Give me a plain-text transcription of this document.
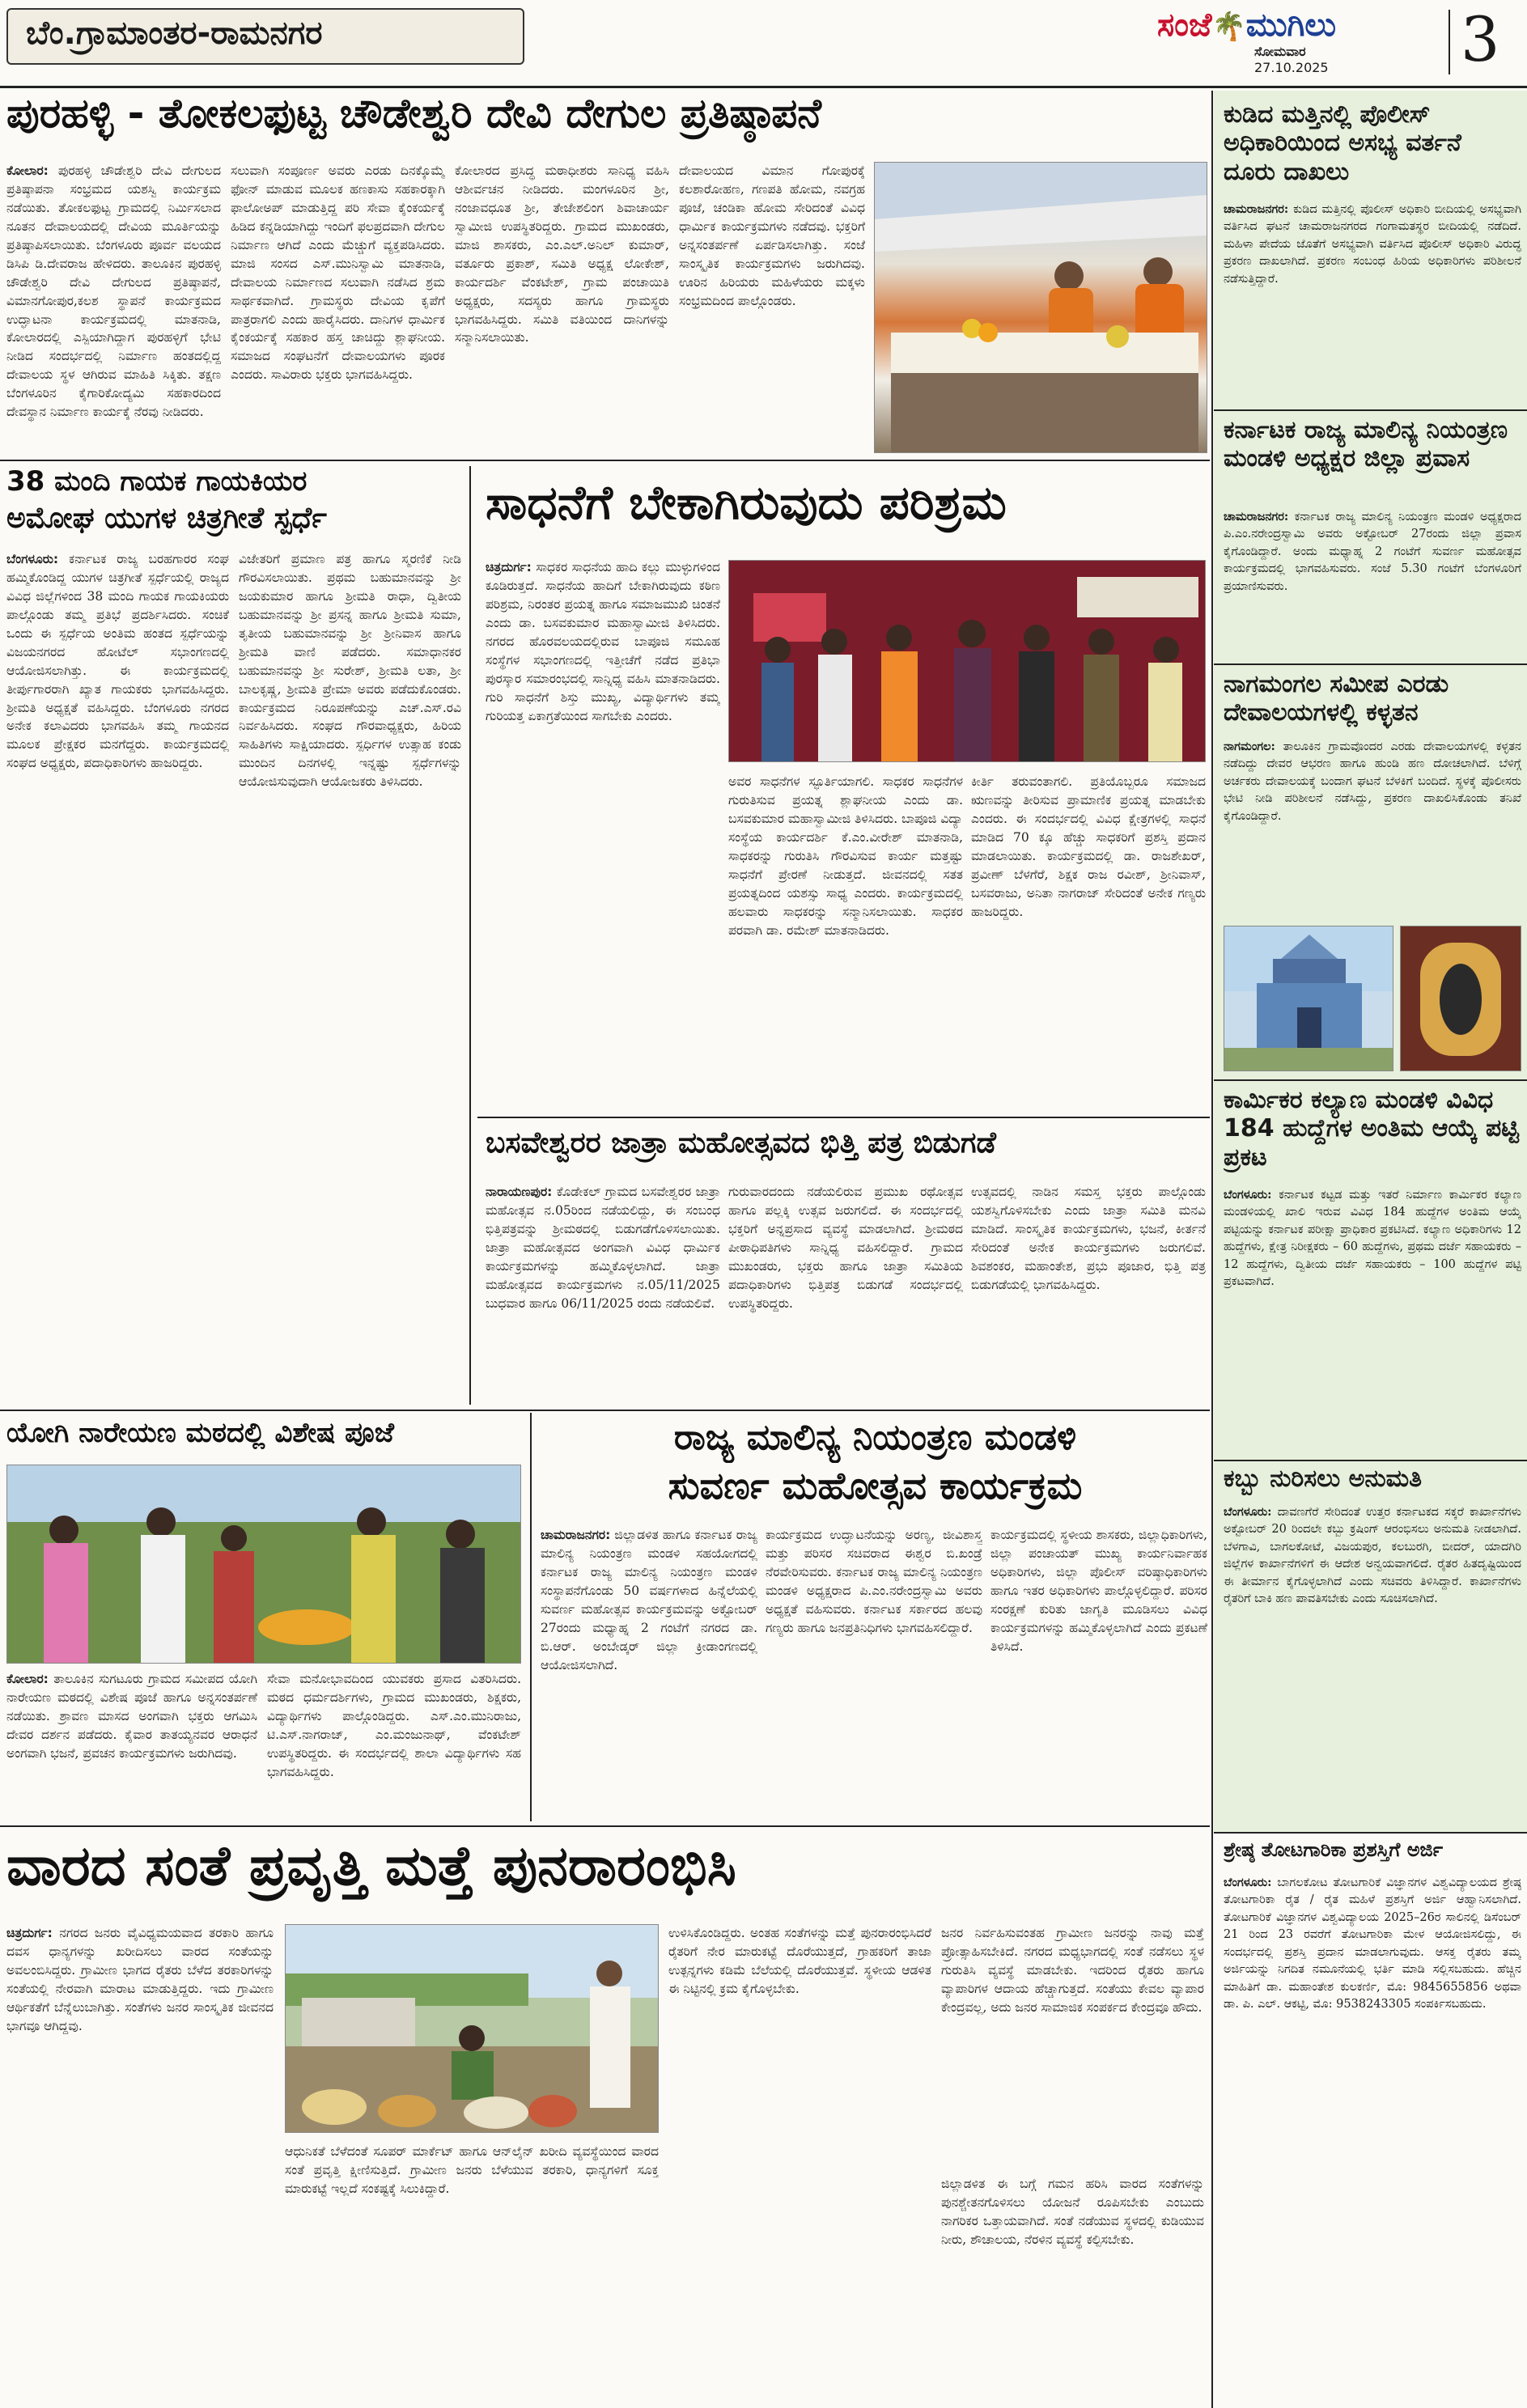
ಬೆಂ.ಗ್ರಾಮಾಂತರ-ರಾಮನಗರ	ಸಂಜೆ🌴ಮುಗಿಲು
ಸೋಮವಾರ
27.10.2025	3
ಪುರಹಳ್ಳಿ - ತೋಕಲಫುಟ್ಟ ಚೌಡೇಶ್ವರಿ ದೇವಿ ದೇಗುಲ ಪ್ರತಿಷ್ಠಾಪನೆ
ಕೋಲಾರ: ಪುರಹಳ್ಳಿ ಚೌಡೇಶ್ವರಿ ದೇವಿ ದೇಗುಲದ ಪ್ರತಿಷ್ಠಾಪನಾ ಸಂಭ್ರಮದ ಯಶಸ್ವಿ ಕಾರ್ಯಕ್ರಮ ನಡೆಯಿತು. ತೋಕಲಫುಟ್ಟ ಗ್ರಾಮದಲ್ಲಿ ನಿರ್ಮಿಸಲಾದ ನೂತನ ದೇವಾಲಯದಲ್ಲಿ ದೇವಿಯ ಮೂರ್ತಿಯನ್ನು ಪ್ರತಿಷ್ಠಾಪಿಸಲಾಯಿತು. ಬೆಂಗಳೂರು ಪೂರ್ವ ವಲಯದ ಡಿಸಿಪಿ ಡಿ.ದೇವರಾಜ ಹೇಳಿದರು. ತಾಲೂಕಿನ ಪುರಹಳ್ಳಿ ಚೌಡೇಶ್ವರಿ ದೇವಿ ದೇಗುಲದ ಪ್ರತಿಷ್ಠಾಪನೆ, ವಿಮಾನಗೋಪುರ,ಕಲಶ ಸ್ಥಾಪನೆ ಕಾರ್ಯಕ್ರಮದ ಉದ್ಘಾಟನಾ ಕಾರ್ಯಕ್ರಮದಲ್ಲಿ ಮಾತನಾಡಿ, ಕೋಲಾರದಲ್ಲಿ ಎಸ್ಪಿಯಾಗಿದ್ದಾಗ ಪುರಹಳ್ಳಿಗೆ ಭೇಟಿ ನೀಡಿದ ಸಂದರ್ಭದಲ್ಲಿ ನಿರ್ಮಾಣ ಹಂತದಲ್ಲಿದ್ದ ದೇವಾಲಯ ಸ್ಥಳ ಆಗಿರುವ ಮಾಹಿತಿ ಸಿಕ್ಕಿತು. ತಕ್ಷಣ ಬೆಂಗಳೂರಿನ ಕೈಗಾರಿಕೋದ್ಯಮಿ ಸಹಕಾರದಿಂದ ದೇವಸ್ಥಾನ ನಿರ್ಮಾಣ ಕಾರ್ಯಕ್ಕೆ ನೆರವು ನೀಡಿದರು.
ಸಲುವಾಗಿ ಸಂಪೂರ್ಣ ಅವರು ಎರಡು ದಿನಕ್ಕೊಮ್ಮೆ ಫೋನ್ ಮಾಡುವ ಮೂಲಕ ಹಣಕಾಸು ಸಹಕಾರಕ್ಕಾಗಿ ಫಾಲೋಅಪ್ ಮಾಡುತ್ತಿದ್ದ ಪರಿ ಸೇವಾ ಕೈಂಕರ್ಯಕ್ಕೆ ಹಿಡಿದ ಕನ್ನಡಿಯಾಗಿದ್ದು ಇಂದಿಗೆ ಫಲಪ್ರದವಾಗಿ ದೇಗುಲ ನಿರ್ಮಾಣ ಆಗಿದೆ ಎಂದು ಮೆಚ್ಚುಗೆ ವ್ಯಕ್ತಪಡಿಸಿದರು. ಮಾಜಿ ಸಂಸದ ಎಸ್.ಮುನಿಸ್ವಾಮಿ ಮಾತನಾಡಿ, ದೇವಾಲಯ ನಿರ್ಮಾಣದ ಸಲುವಾಗಿ ನಡೆಸಿದ ಶ್ರಮ ಸಾರ್ಥಕವಾಗಿದೆ. ಗ್ರಾಮಸ್ಥರು ದೇವಿಯ ಕೃಪೆಗೆ ಪಾತ್ರರಾಗಲಿ ಎಂದು ಹಾರೈಸಿದರು. ದಾನಿಗಳ ಧಾರ್ಮಿಕ ಕೈಂಕರ್ಯಕ್ಕೆ ಸಹಕಾರ ಹಸ್ತ ಚಾಚಿದ್ದು ಶ್ಲಾಘನೀಯ. ಸಮಾಜದ ಸಂಘಟನೆಗೆ ದೇವಾಲಯಗಳು ಪೂರಕ ಎಂದರು. ಸಾವಿರಾರು ಭಕ್ತರು ಭಾಗವಹಿಸಿದ್ದರು.
ಕೋಲಾರದ ಪ್ರಸಿದ್ಧ ಮಠಾಧೀಶರು ಸಾನಿಧ್ಯ ವಹಿಸಿ ಆಶೀರ್ವಚನ ನೀಡಿದರು. ಮಂಗಳೂರಿನ ಶ್ರೀ, ನಂಜಾವಧೂತ ಶ್ರೀ, ತೇಜೇಶಲಿಂಗ ಶಿವಾಚಾರ್ಯ ಸ್ವಾಮೀಜಿ ಉಪಸ್ಥಿತರಿದ್ದರು. ಗ್ರಾಮದ ಮುಖಂಡರು, ಮಾಜಿ ಶಾಸಕರು, ಎಂ.ಎಲ್.ಅನಿಲ್ ಕುಮಾರ್, ವರ್ತೂರು ಪ್ರಕಾಶ್, ಸಮಿತಿ ಅಧ್ಯಕ್ಷ ಲೋಕೇಶ್, ಕಾರ್ಯದರ್ಶಿ ವೆಂಕಟೇಶ್, ಗ್ರಾಮ ಪಂಚಾಯಿತಿ ಅಧ್ಯಕ್ಷರು, ಸದಸ್ಯರು ಹಾಗೂ ಗ್ರಾಮಸ್ಥರು ಭಾಗವಹಿಸಿದ್ದರು. ಸಮಿತಿ ವತಿಯಿಂದ ದಾನಿಗಳನ್ನು ಸನ್ಮಾನಿಸಲಾಯಿತು.
ದೇವಾಲಯದ ವಿಮಾನ ಗೋಪುರಕ್ಕೆ ಕಲಶಾರೋಹಣ, ಗಣಪತಿ ಹೋಮ, ನವಗ್ರಹ ಪೂಜೆ, ಚಂಡಿಕಾ ಹೋಮ ಸೇರಿದಂತೆ ವಿವಿಧ ಧಾರ್ಮಿಕ ಕಾರ್ಯಕ್ರಮಗಳು ನಡೆದವು. ಭಕ್ತರಿಗೆ ಅನ್ನಸಂತರ್ಪಣೆ ಏರ್ಪಡಿಸಲಾಗಿತ್ತು. ಸಂಜೆ ಸಾಂಸ್ಕೃತಿಕ ಕಾರ್ಯಕ್ರಮಗಳು ಜರುಗಿದವು. ಊರಿನ ಹಿರಿಯರು ಮಹಿಳೆಯರು ಮಕ್ಕಳು ಸಂಭ್ರಮದಿಂದ ಪಾಲ್ಗೊಂಡರು.
38 ಮಂದಿ ಗಾಯಕ ಗಾಯಕಿಯರ
ಅಮೋಘ ಯುಗಳ ಚಿತ್ರಗೀತೆ ಸ್ಪರ್ಧೆ
ಬೆಂಗಳೂರು: ಕರ್ನಾಟಕ ರಾಜ್ಯ ಬರಹಗಾರರ ಸಂಘ ಹಮ್ಮಿಕೊಂಡಿದ್ದ ಯುಗಳ ಚಿತ್ರಗೀತೆ ಸ್ಪರ್ಧೆಯಲ್ಲಿ ರಾಜ್ಯದ ವಿವಿಧ ಜಿಲ್ಲೆಗಳಿಂದ 38 ಮಂದಿ ಗಾಯಕ ಗಾಯಕಿಯರು ಪಾಲ್ಗೊಂಡು ತಮ್ಮ ಪ್ರತಿಭೆ ಪ್ರದರ್ಶಿಸಿದರು. ಸಂಚಿಕೆ ಒಂದು ಈ ಸ್ಪರ್ಧೆಯ ಅಂತಿಮ ಹಂತದ ಸ್ಪರ್ಧೆಯನ್ನು ವಿಜಯನಗರದ ಹೋಟೆಲ್ ಸಭಾಂಗಣದಲ್ಲಿ ಆಯೋಜಿಸಲಾಗಿತ್ತು. ಈ ಕಾರ್ಯಕ್ರಮದಲ್ಲಿ ತೀರ್ಪುಗಾರರಾಗಿ ಖ್ಯಾತ ಗಾಯಕರು ಭಾಗವಹಿಸಿದ್ದರು. ಶ್ರೀಮತಿ ಅಧ್ಯಕ್ಷತೆ ವಹಿಸಿದ್ದರು. ಬೆಂಗಳೂರು ನಗರದ ಅನೇಕ ಕಲಾವಿದರು ಭಾಗವಹಿಸಿ ತಮ್ಮ ಗಾಯನದ ಮೂಲಕ ಪ್ರೇಕ್ಷಕರ ಮನಗೆದ್ದರು. ಕಾರ್ಯಕ್ರಮದಲ್ಲಿ ಸಂಘದ ಅಧ್ಯಕ್ಷರು, ಪದಾಧಿಕಾರಿಗಳು ಹಾಜರಿದ್ದರು.
ವಿಜೇತರಿಗೆ ಪ್ರಮಾಣ ಪತ್ರ ಹಾಗೂ ಸ್ಮರಣಿಕೆ ನೀಡಿ ಗೌರವಿಸಲಾಯಿತು. ಪ್ರಥಮ ಬಹುಮಾನವನ್ನು ಶ್ರೀ ಜಯಕುಮಾರ ಹಾಗೂ ಶ್ರೀಮತಿ ರಾಧಾ, ದ್ವಿತೀಯ ಬಹುಮಾನವನ್ನು ಶ್ರೀ ಪ್ರಸನ್ನ ಹಾಗೂ ಶ್ರೀಮತಿ ಸುಮಾ, ತೃತೀಯ ಬಹುಮಾನವನ್ನು ಶ್ರೀ ಶ್ರೀನಿವಾಸ ಹಾಗೂ ಶ್ರೀಮತಿ ವಾಣಿ ಪಡೆದರು. ಸಮಾಧಾನಕರ ಬಹುಮಾನವನ್ನು ಶ್ರೀ ಸುರೇಶ್, ಶ್ರೀಮತಿ ಲತಾ, ಶ್ರೀ ಬಾಲಕೃಷ್ಣ, ಶ್ರೀಮತಿ ಪ್ರೇಮಾ ಅವರು ಪಡೆದುಕೊಂಡರು. ಕಾರ್ಯಕ್ರಮದ ನಿರೂಪಣೆಯನ್ನು ಎಚ್.ಎಸ್.ರವಿ ನಿರ್ವಹಿಸಿದರು. ಸಂಘದ ಗೌರವಾಧ್ಯಕ್ಷರು, ಹಿರಿಯ ಸಾಹಿತಿಗಳು ಸಾಕ್ಷಿಯಾದರು. ಸ್ಪರ್ಧಿಗಳ ಉತ್ಸಾಹ ಕಂಡು ಮುಂದಿನ ದಿನಗಳಲ್ಲಿ ಇನ್ನಷ್ಟು ಸ್ಪರ್ಧೆಗಳನ್ನು ಆಯೋಜಿಸುವುದಾಗಿ ಆಯೋಜಕರು ತಿಳಿಸಿದರು.
ಸಾಧನೆಗೆ ಬೇಕಾಗಿರುವುದು ಪರಿಶ್ರಮ
ಚಿತ್ರದುರ್ಗ: ಸಾಧಕರ ಸಾಧನೆಯ ಹಾದಿ ಕಲ್ಲು ಮುಳ್ಳುಗಳಿಂದ ಕೂಡಿರುತ್ತದೆ. ಸಾಧನೆಯ ಹಾದಿಗೆ ಬೇಕಾಗಿರುವುದು ಕಠಿಣ ಪರಿಶ್ರಮ, ನಿರಂತರ ಪ್ರಯತ್ನ ಹಾಗೂ ಸಮಾಜಮುಖಿ ಚಿಂತನೆ ಎಂದು ಡಾ. ಬಸವಕುಮಾರ ಮಹಾಸ್ವಾಮೀಜಿ ತಿಳಿಸಿದರು. ನಗರದ ಹೊರವಲಯದಲ್ಲಿರುವ ಬಾಪೂಜಿ ಸಮೂಹ ಸಂಸ್ಥೆಗಳ ಸಭಾಂಗಣದಲ್ಲಿ ಇತ್ತೀಚೆಗೆ ನಡೆದ ಪ್ರತಿಭಾ ಪುರಸ್ಕಾರ ಸಮಾರಂಭದಲ್ಲಿ ಸಾನ್ನಿಧ್ಯ ವಹಿಸಿ ಮಾತನಾಡಿದರು. ಗುರಿ ಸಾಧನೆಗೆ ಶಿಸ್ತು ಮುಖ್ಯ, ವಿದ್ಯಾರ್ಥಿಗಳು ತಮ್ಮ ಗುರಿಯತ್ತ ಏಕಾಗ್ರತೆಯಿಂದ ಸಾಗಬೇಕು ಎಂದರು.
ಅವರ ಸಾಧನೆಗಳ ಸ್ಫೂರ್ತಿಯಾಗಲಿ. ಸಾಧಕರ ಸಾಧನೆಗಳ ಗುರುತಿಸುವ ಪ್ರಯತ್ನ ಶ್ಲಾಘನೀಯ ಎಂದು ಡಾ. ಬಸವಕುಮಾರ ಮಹಾಸ್ವಾಮೀಜಿ ತಿಳಿಸಿದರು. ಬಾಪೂಜಿ ವಿದ್ಯಾ ಸಂಸ್ಥೆಯ ಕಾರ್ಯದರ್ಶಿ ಕೆ.ಎಂ.ವೀರೇಶ್ ಮಾತನಾಡಿ, ಸಾಧಕರನ್ನು ಗುರುತಿಸಿ ಗೌರವಿಸುವ ಕಾರ್ಯ ಮತ್ತಷ್ಟು ಸಾಧನೆಗೆ ಪ್ರೇರಣೆ ನೀಡುತ್ತದೆ. ಜೀವನದಲ್ಲಿ ಸತತ ಪ್ರಯತ್ನದಿಂದ ಯಶಸ್ಸು ಸಾಧ್ಯ ಎಂದರು. ಕಾರ್ಯಕ್ರಮದಲ್ಲಿ ಹಲವಾರು ಸಾಧಕರನ್ನು ಸನ್ಮಾನಿಸಲಾಯಿತು. ಸಾಧಕರ ಪರವಾಗಿ ಡಾ. ರಮೇಶ್ ಮಾತನಾಡಿದರು.
ಕೀರ್ತಿ ತರುವಂತಾಗಲಿ. ಪ್ರತಿಯೊಬ್ಬರೂ ಸಮಾಜದ ಋಣವನ್ನು ತೀರಿಸುವ ಪ್ರಾಮಾಣಿಕ ಪ್ರಯತ್ನ ಮಾಡಬೇಕು ಎಂದರು. ಈ ಸಂದರ್ಭದಲ್ಲಿ ವಿವಿಧ ಕ್ಷೇತ್ರಗಳಲ್ಲಿ ಸಾಧನೆ ಮಾಡಿದ 70 ಕ್ಕೂ ಹೆಚ್ಚು ಸಾಧಕರಿಗೆ ಪ್ರಶಸ್ತಿ ಪ್ರದಾನ ಮಾಡಲಾಯಿತು. ಕಾರ್ಯಕ್ರಮದಲ್ಲಿ ಡಾ. ರಾಜಶೇಖರ್, ಪ್ರವೀಣ್ ಬೆಳಗೆರೆ, ಶಿಕ್ಷಕ ರಾಜ ರವೀಶ್, ಶ್ರೀನಿವಾಸ್, ಬಸವರಾಜು, ಅನಿತಾ ನಾಗರಾಜ್ ಸೇರಿದಂತೆ ಅನೇಕ ಗಣ್ಯರು ಹಾಜರಿದ್ದರು.
ಬಸವೇಶ್ವರರ ಜಾತ್ರಾ ಮಹೋತ್ಸವದ ಭಿತ್ತಿ ಪತ್ರ ಬಿಡುಗಡೆ
ನಾರಾಯಣಪುರ: ಕೊಡೇಕಲ್ ಗ್ರಾಮದ ಬಸವೇಶ್ವರರ ಜಾತ್ರಾ ಮಹೋತ್ಸವ ನ.05ರಿಂದ ನಡೆಯಲಿದ್ದು, ಈ ಸಂಬಂಧ ಭಿತ್ತಿಪತ್ರವನ್ನು ಶ್ರೀಮಠದಲ್ಲಿ ಬಿಡುಗಡೆಗೊಳಿಸಲಾಯಿತು. ಜಾತ್ರಾ ಮಹೋತ್ಸವದ ಅಂಗವಾಗಿ ವಿವಿಧ ಧಾರ್ಮಿಕ ಕಾರ್ಯಕ್ರಮಗಳನ್ನು ಹಮ್ಮಿಕೊಳ್ಳಲಾಗಿದೆ. ಜಾತ್ರಾ ಮಹೋತ್ಸವದ ಕಾರ್ಯಕ್ರಮಗಳು ನ.05/11/2025 ಬುಧವಾರ ಹಾಗೂ 06/11/2025 ರಂದು ನಡೆಯಲಿವೆ.
ಗುರುವಾರದಂದು ನಡೆಯಲಿರುವ ಪ್ರಮುಖ ರಥೋತ್ಸವ ಹಾಗೂ ಪಲ್ಲಕ್ಕಿ ಉತ್ಸವ ಜರುಗಲಿದೆ. ಈ ಸಂದರ್ಭದಲ್ಲಿ ಭಕ್ತರಿಗೆ ಅನ್ನಪ್ರಸಾದ ವ್ಯವಸ್ಥೆ ಮಾಡಲಾಗಿದೆ. ಶ್ರೀಮಠದ ಪೀಠಾಧಿಪತಿಗಳು ಸಾನ್ನಿಧ್ಯ ವಹಿಸಲಿದ್ದಾರೆ. ಗ್ರಾಮದ ಮುಖಂಡರು, ಭಕ್ತರು ಹಾಗೂ ಜಾತ್ರಾ ಸಮಿತಿಯ ಪದಾಧಿಕಾರಿಗಳು ಭಿತ್ತಿಪತ್ರ ಬಿಡುಗಡೆ ಸಂದರ್ಭದಲ್ಲಿ ಉಪಸ್ಥಿತರಿದ್ದರು.
ಉತ್ಸವದಲ್ಲಿ ನಾಡಿನ ಸಮಸ್ತ ಭಕ್ತರು ಪಾಲ್ಗೊಂಡು ಯಶಸ್ವಿಗೊಳಿಸಬೇಕು ಎಂದು ಜಾತ್ರಾ ಸಮಿತಿ ಮನವಿ ಮಾಡಿದೆ. ಸಾಂಸ್ಕೃತಿಕ ಕಾರ್ಯಕ್ರಮಗಳು, ಭಜನೆ, ಕೀರ್ತನೆ ಸೇರಿದಂತೆ ಅನೇಕ ಕಾರ್ಯಕ್ರಮಗಳು ಜರುಗಲಿವೆ. ಶಿವಶಂಕರ, ಮಹಾಂತೇಶ, ಪ್ರಭು ಪೂಜಾರ, ಭಿತ್ತಿ ಪತ್ರ ಬಿಡುಗಡೆಯಲ್ಲಿ ಭಾಗವಹಿಸಿದ್ದರು.
ಯೋಗಿ ನಾರೇಯಣ ಮಠದಲ್ಲಿ ವಿಶೇಷ ಪೂಜೆ
ಕೋಲಾರ: ತಾಲೂಕಿನ ಸುಗಟೂರು ಗ್ರಾಮದ ಸಮೀಪದ ಯೋಗಿ ನಾರೇಯಣ ಮಠದಲ್ಲಿ ವಿಶೇಷ ಪೂಜೆ ಹಾಗೂ ಅನ್ನಸಂತರ್ಪಣೆ ನಡೆಯಿತು. ಶ್ರಾವಣ ಮಾಸದ ಅಂಗವಾಗಿ ಭಕ್ತರು ಆಗಮಿಸಿ ದೇವರ ದರ್ಶನ ಪಡೆದರು. ಕೈವಾರ ತಾತಯ್ಯನವರ ಆರಾಧನೆ ಅಂಗವಾಗಿ ಭಜನೆ, ಪ್ರವಚನ ಕಾರ್ಯಕ್ರಮಗಳು ಜರುಗಿದವು.
ಸೇವಾ ಮನೋಭಾವದಿಂದ ಯುವಕರು ಪ್ರಸಾದ ವಿತರಿಸಿದರು. ಮಠದ ಧರ್ಮದರ್ಶಿಗಳು, ಗ್ರಾಮದ ಮುಖಂಡರು, ಶಿಕ್ಷಕರು, ವಿದ್ಯಾರ್ಥಿಗಳು ಪಾಲ್ಗೊಂಡಿದ್ದರು. ಎಸ್.ಎಂ.ಮುನಿರಾಜು, ಟಿ.ಎಸ್.ನಾಗರಾಜ್, ಎಂ.ಮಂಜುನಾಥ್, ವೆಂಕಟೇಶ್ ಉಪಸ್ಥಿತರಿದ್ದರು. ಈ ಸಂದರ್ಭದಲ್ಲಿ ಶಾಲಾ ವಿದ್ಯಾರ್ಥಿಗಳು ಸಹ ಭಾಗವಹಿಸಿದ್ದರು.
ರಾಜ್ಯ ಮಾಲಿನ್ಯ ನಿಯಂತ್ರಣ ಮಂಡಳಿ
ಸುವರ್ಣ ಮಹೋತ್ಸವ ಕಾರ್ಯಕ್ರಮ
ಚಾಮರಾಜನಗರ: ಜಿಲ್ಲಾಡಳಿತ ಹಾಗೂ ಕರ್ನಾಟಕ ರಾಜ್ಯ ಮಾಲಿನ್ಯ ನಿಯಂತ್ರಣ ಮಂಡಳಿ ಸಹಯೋಗದಲ್ಲಿ ಕರ್ನಾಟಕ ರಾಜ್ಯ ಮಾಲಿನ್ಯ ನಿಯಂತ್ರಣ ಮಂಡಳಿ ಸಂಸ್ಥಾಪನೆಗೊಂಡು 50 ವರ್ಷಗಳಾದ ಹಿನ್ನೆಲೆಯಲ್ಲಿ ಸುವರ್ಣ ಮಹೋತ್ಸವ ಕಾರ್ಯಕ್ರಮವನ್ನು ಅಕ್ಟೋಬರ್ 27ರಂದು ಮಧ್ಯಾಹ್ನ 2 ಗಂಟೆಗೆ ನಗರದ ಡಾ. ಬಿ.ಆರ್. ಅಂಬೇಡ್ಕರ್ ಜಿಲ್ಲಾ ಕ್ರೀಡಾಂಗಣದಲ್ಲಿ ಆಯೋಜಿಸಲಾಗಿದೆ.
ಕಾರ್ಯಕ್ರಮದ ಉದ್ಘಾಟನೆಯನ್ನು ಅರಣ್ಯ, ಜೀವಿಶಾಸ್ತ್ರ ಮತ್ತು ಪರಿಸರ ಸಚಿವರಾದ ಈಶ್ವರ ಬಿ.ಖಂಡ್ರೆ ನೆರವೇರಿಸುವರು. ಕರ್ನಾಟಕ ರಾಜ್ಯ ಮಾಲಿನ್ಯ ನಿಯಂತ್ರಣ ಮಂಡಳಿ ಅಧ್ಯಕ್ಷರಾದ ಪಿ.ಎಂ.ನರೇಂದ್ರಸ್ವಾಮಿ ಅವರು ಅಧ್ಯಕ್ಷತೆ ವಹಿಸುವರು. ಕರ್ನಾಟಕ ಸರ್ಕಾರದ ಹಲವು ಗಣ್ಯರು ಹಾಗೂ ಜನಪ್ರತಿನಿಧಿಗಳು ಭಾಗವಹಿಸಲಿದ್ದಾರೆ.
ಕಾರ್ಯಕ್ರಮದಲ್ಲಿ ಸ್ಥಳೀಯ ಶಾಸಕರು, ಜಿಲ್ಲಾಧಿಕಾರಿಗಳು, ಜಿಲ್ಲಾ ಪಂಚಾಯತ್ ಮುಖ್ಯ ಕಾರ್ಯನಿರ್ವಾಹಕ ಅಧಿಕಾರಿಗಳು, ಜಿಲ್ಲಾ ಪೊಲೀಸ್ ವರಿಷ್ಠಾಧಿಕಾರಿಗಳು ಹಾಗೂ ಇತರ ಅಧಿಕಾರಿಗಳು ಪಾಲ್ಗೊಳ್ಳಲಿದ್ದಾರೆ. ಪರಿಸರ ಸಂರಕ್ಷಣೆ ಕುರಿತು ಜಾಗೃತಿ ಮೂಡಿಸಲು ವಿವಿಧ ಕಾರ್ಯಕ್ರಮಗಳನ್ನು ಹಮ್ಮಿಕೊಳ್ಳಲಾಗಿದೆ ಎಂದು ಪ್ರಕಟಣೆ ತಿಳಿಸಿದೆ.
ವಾರದ ಸಂತೆ ಪ್ರವೃತ್ತಿ ಮತ್ತೆ ಪುನರಾರಂಭಿಸಿ
ಚಿತ್ರದುರ್ಗ: ನಗರದ ಜನರು ವೈವಿಧ್ಯಮಯವಾದ ತರಕಾರಿ ಹಾಗೂ ದವಸ ಧಾನ್ಯಗಳನ್ನು ಖರೀದಿಸಲು ವಾರದ ಸಂತೆಯನ್ನು ಅವಲಂಬಿಸಿದ್ದರು. ಗ್ರಾಮೀಣ ಭಾಗದ ರೈತರು ಬೆಳೆದ ತರಕಾರಿಗಳನ್ನು ಸಂತೆಯಲ್ಲಿ ನೇರವಾಗಿ ಮಾರಾಟ ಮಾಡುತ್ತಿದ್ದರು. ಇದು ಗ್ರಾಮೀಣ ಆರ್ಥಿಕತೆಗೆ ಬೆನ್ನೆಲುಬಾಗಿತ್ತು. ಸಂತೆಗಳು ಜನರ ಸಾಂಸ್ಕೃತಿಕ ಜೀವನದ ಭಾಗವೂ ಆಗಿದ್ದವು.
ಆಧುನಿಕತೆ ಬೆಳೆದಂತೆ ಸೂಪರ್ ಮಾರ್ಕೆಟ್ ಹಾಗೂ ಆನ್‌ಲೈನ್ ಖರೀದಿ ವ್ಯವಸ್ಥೆಯಿಂದ ವಾರದ ಸಂತೆ ಪ್ರವೃತ್ತಿ ಕ್ಷೀಣಿಸುತ್ತಿದೆ. ಗ್ರಾಮೀಣ ಜನರು ಬೆಳೆಯುವ ತರಕಾರಿ, ಧಾನ್ಯಗಳಿಗೆ ಸೂಕ್ತ ಮಾರುಕಟ್ಟೆ ಇಲ್ಲದೆ ಸಂಕಷ್ಟಕ್ಕೆ ಸಿಲುಕಿದ್ದಾರೆ.
ಉಳಿಸಿಕೊಂಡಿದ್ದರು. ಅಂತಹ ಸಂತೆಗಳನ್ನು ಮತ್ತೆ ಪುನರಾರಂಭಿಸಿದರೆ ರೈತರಿಗೆ ನೇರ ಮಾರುಕಟ್ಟೆ ದೊರೆಯುತ್ತದೆ, ಗ್ರಾಹಕರಿಗೆ ತಾಜಾ ಉತ್ಪನ್ನಗಳು ಕಡಿಮೆ ಬೆಲೆಯಲ್ಲಿ ದೊರೆಯುತ್ತವೆ. ಸ್ಥಳೀಯ ಆಡಳಿತ ಈ ನಿಟ್ಟಿನಲ್ಲಿ ಕ್ರಮ ಕೈಗೊಳ್ಳಬೇಕು.
ಜನರ ನಿರ್ವಹಿಸುವಂತಹ ಗ್ರಾಮೀಣ ಜನರನ್ನು ನಾವು ಮತ್ತೆ ಪ್ರೋತ್ಸಾಹಿಸಬೇಕಿದೆ. ನಗರದ ಮಧ್ಯಭಾಗದಲ್ಲಿ ಸಂತೆ ನಡೆಸಲು ಸ್ಥಳ ಗುರುತಿಸಿ ವ್ಯವಸ್ಥೆ ಮಾಡಬೇಕು. ಇದರಿಂದ ರೈತರು ಹಾಗೂ ವ್ಯಾಪಾರಿಗಳ ಆದಾಯ ಹೆಚ್ಚಾಗುತ್ತದೆ. ಸಂತೆಯು ಕೇವಲ ವ್ಯಾಪಾರ ಕೇಂದ್ರವಲ್ಲ, ಅದು ಜನರ ಸಾಮಾಜಿಕ ಸಂಪರ್ಕದ ಕೇಂದ್ರವೂ ಹೌದು.
ಜಿಲ್ಲಾಡಳಿತ ಈ ಬಗ್ಗೆ ಗಮನ ಹರಿಸಿ ವಾರದ ಸಂತೆಗಳನ್ನು ಪುನಶ್ಚೇತನಗೊಳಿಸಲು ಯೋಜನೆ ರೂಪಿಸಬೇಕು ಎಂಬುದು ನಾಗರಿಕರ ಒತ್ತಾಯವಾಗಿದೆ. ಸಂತೆ ನಡೆಯುವ ಸ್ಥಳದಲ್ಲಿ ಕುಡಿಯುವ ನೀರು, ಶೌಚಾಲಯ, ನೆರಳಿನ ವ್ಯವಸ್ಥೆ ಕಲ್ಪಿಸಬೇಕು.
ಕುಡಿದ ಮತ್ತಿನಲ್ಲಿ ಪೊಲೀಸ್ ಅಧಿಕಾರಿಯಿಂದ ಅಸಭ್ಯ ವರ್ತನೆ ದೂರು ದಾಖಲು
ಚಾಮರಾಜನಗರ: ಕುಡಿದ ಮತ್ತಿನಲ್ಲಿ ಪೊಲೀಸ್ ಅಧಿಕಾರಿ ಬೀದಿಯಲ್ಲಿ ಅಸಭ್ಯವಾಗಿ ವರ್ತಿಸಿದ ಘಟನೆ ಚಾಮರಾಜನಗರದ ಗಂಗಾಮತಸ್ಥರ ಬೀದಿಯಲ್ಲಿ ನಡೆದಿದೆ. ಮಹಿಳಾ ಪೇದೆಯ ಜೊತೆಗೆ ಅಸಭ್ಯವಾಗಿ ವರ್ತಿಸಿದ ಪೊಲೀಸ್ ಅಧಿಕಾರಿ ವಿರುದ್ಧ ಪ್ರಕರಣ ದಾಖಲಾಗಿದೆ. ಪ್ರಕರಣ ಸಂಬಂಧ ಹಿರಿಯ ಅಧಿಕಾರಿಗಳು ಪರಿಶೀಲನೆ ನಡೆಸುತ್ತಿದ್ದಾರೆ.
ಕರ್ನಾಟಕ ರಾಜ್ಯ ಮಾಲಿನ್ಯ ನಿಯಂತ್ರಣ ಮಂಡಳಿ ಅಧ್ಯಕ್ಷರ ಜಿಲ್ಲಾ ಪ್ರವಾಸ
ಚಾಮರಾಜನಗರ: ಕರ್ನಾಟಕ ರಾಜ್ಯ ಮಾಲಿನ್ಯ ನಿಯಂತ್ರಣ ಮಂಡಳಿ ಅಧ್ಯಕ್ಷರಾದ ಪಿ.ಎಂ.ನರೇಂದ್ರಸ್ವಾಮಿ ಅವರು ಅಕ್ಟೋಬರ್ 27ರಂದು ಜಿಲ್ಲಾ ಪ್ರವಾಸ ಕೈಗೊಂಡಿದ್ದಾರೆ. ಅಂದು ಮಧ್ಯಾಹ್ನ 2 ಗಂಟೆಗೆ ಸುವರ್ಣ ಮಹೋತ್ಸವ ಕಾರ್ಯಕ್ರಮದಲ್ಲಿ ಭಾಗವಹಿಸುವರು. ಸಂಜೆ 5.30 ಗಂಟೆಗೆ ಬೆಂಗಳೂರಿಗೆ ಪ್ರಯಾಣಿಸುವರು.
ನಾಗಮಂಗಲ ಸಮೀಪ ಎರಡು ದೇವಾಲಯಗಳಲ್ಲಿ ಕಳ್ಳತನ
ನಾಗಮಂಗಲ: ತಾಲೂಕಿನ ಗ್ರಾಮವೊಂದರ ಎರಡು ದೇವಾಲಯಗಳಲ್ಲಿ ಕಳ್ಳತನ ನಡೆದಿದ್ದು ದೇವರ ಆಭರಣ ಹಾಗೂ ಹುಂಡಿ ಹಣ ದೋಚಲಾಗಿದೆ. ಬೆಳಿಗ್ಗೆ ಅರ್ಚಕರು ದೇವಾಲಯಕ್ಕೆ ಬಂದಾಗ ಘಟನೆ ಬೆಳಕಿಗೆ ಬಂದಿದೆ. ಸ್ಥಳಕ್ಕೆ ಪೊಲೀಸರು ಭೇಟಿ ನೀಡಿ ಪರಿಶೀಲನೆ ನಡೆಸಿದ್ದು, ಪ್ರಕರಣ ದಾಖಲಿಸಿಕೊಂಡು ತನಿಖೆ ಕೈಗೊಂಡಿದ್ದಾರೆ.
ಕಾರ್ಮಿಕರ ಕಲ್ಯಾಣ ಮಂಡಳಿ ವಿವಿಧ 184 ಹುದ್ದೆಗಳ ಅಂತಿಮ ಆಯ್ಕೆ ಪಟ್ಟಿ ಪ್ರಕಟ
ಬೆಂಗಳೂರು: ಕರ್ನಾಟಕ ಕಟ್ಟಡ ಮತ್ತು ಇತರೆ ನಿರ್ಮಾಣ ಕಾರ್ಮಿಕರ ಕಲ್ಯಾಣ ಮಂಡಳಿಯಲ್ಲಿ ಖಾಲಿ ಇರುವ ವಿವಿಧ 184 ಹುದ್ದೆಗಳ ಅಂತಿಮ ಆಯ್ಕೆ ಪಟ್ಟಿಯನ್ನು ಕರ್ನಾಟಕ ಪರೀಕ್ಷಾ ಪ್ರಾಧಿಕಾರ ಪ್ರಕಟಿಸಿದೆ. ಕಲ್ಯಾಣ ಅಧಿಕಾರಿಗಳು 12 ಹುದ್ದೆಗಳು, ಕ್ಷೇತ್ರ ನಿರೀಕ್ಷಕರು – 60 ಹುದ್ದೆಗಳು, ಪ್ರಥಮ ದರ್ಜೆ ಸಹಾಯಕರು – 12 ಹುದ್ದೆಗಳು, ದ್ವಿತೀಯ ದರ್ಜೆ ಸಹಾಯಕರು – 100 ಹುದ್ದೆಗಳ ಪಟ್ಟಿ ಪ್ರಕಟವಾಗಿದೆ.
ಕಬ್ಬು ನುರಿಸಲು ಅನುಮತಿ
ಬೆಂಗಳೂರು: ದಾವಣಗೆರೆ ಸೇರಿದಂತೆ ಉತ್ತರ ಕರ್ನಾಟಕದ ಸಕ್ಕರೆ ಕಾರ್ಖಾನೆಗಳು ಅಕ್ಟೋಬರ್ 20 ರಿಂದಲೇ ಕಬ್ಬು ಕ್ರಷಿಂಗ್ ಆರಂಭಿಸಲು ಅನುಮತಿ ನೀಡಲಾಗಿದೆ. ಬೆಳಗಾವಿ, ಬಾಗಲಕೋಟೆ, ವಿಜಯಪುರ, ಕಲಬುರಗಿ, ಬೀದರ್, ಯಾದಗಿರಿ ಜಿಲ್ಲೆಗಳ ಕಾರ್ಖಾನೆಗಳಿಗೆ ಈ ಆದೇಶ ಅನ್ವಯವಾಗಲಿದೆ. ರೈತರ ಹಿತದೃಷ್ಟಿಯಿಂದ ಈ ತೀರ್ಮಾನ ಕೈಗೊಳ್ಳಲಾಗಿದೆ ಎಂದು ಸಚಿವರು ತಿಳಿಸಿದ್ದಾರೆ. ಕಾರ್ಖಾನೆಗಳು ರೈತರಿಗೆ ಬಾಕಿ ಹಣ ಪಾವತಿಸಬೇಕು ಎಂದು ಸೂಚಿಸಲಾಗಿದೆ.
ಶ್ರೇಷ್ಠ ತೋಟಗಾರಿಕಾ ಪ್ರಶಸ್ತಿಗೆ ಅರ್ಜಿ
ಬೆಂಗಳೂರು: ಬಾಗಲಕೋಟ ತೋಟಗಾರಿಕೆ ವಿಜ್ಞಾನಗಳ ವಿಶ್ವವಿದ್ಯಾಲಯದ ಶ್ರೇಷ್ಠ ತೋಟಗಾರಿಕಾ ರೈತ / ರೈತ ಮಹಿಳೆ ಪ್ರಶಸ್ತಿಗೆ ಅರ್ಜಿ ಆಹ್ವಾನಿಸಲಾಗಿದೆ. ತೋಟಗಾರಿಕೆ ವಿಜ್ಞಾನಗಳ ವಿಶ್ವವಿದ್ಯಾಲಯ 2025–26ರ ಸಾಲಿನಲ್ಲಿ ಡಿಸೆಂಬರ್ 21 ರಿಂದ 23 ರವರೆಗೆ ತೋಟಗಾರಿಕಾ ಮೇಳ ಆಯೋಜಿಸಲಿದ್ದು, ಈ ಸಂದರ್ಭದಲ್ಲಿ ಪ್ರಶಸ್ತಿ ಪ್ರದಾನ ಮಾಡಲಾಗುವುದು. ಆಸಕ್ತ ರೈತರು ತಮ್ಮ ಅರ್ಜಿಯನ್ನು ನಿಗದಿತ ನಮೂನೆಯಲ್ಲಿ ಭರ್ತಿ ಮಾಡಿ ಸಲ್ಲಿಸಬಹುದು. ಹೆಚ್ಚಿನ ಮಾಹಿತಿಗೆ ಡಾ. ಮಹಾಂತೇಶ ಕುಲಕರ್ಣಿ, ಮೊ: 9845655856 ಅಥವಾ ಡಾ. ಪಿ. ಎಲ್. ಆಕಟ್ಟಿ, ಮೊ: 9538243305 ಸಂಪರ್ಕಿಸಬಹುದು.
